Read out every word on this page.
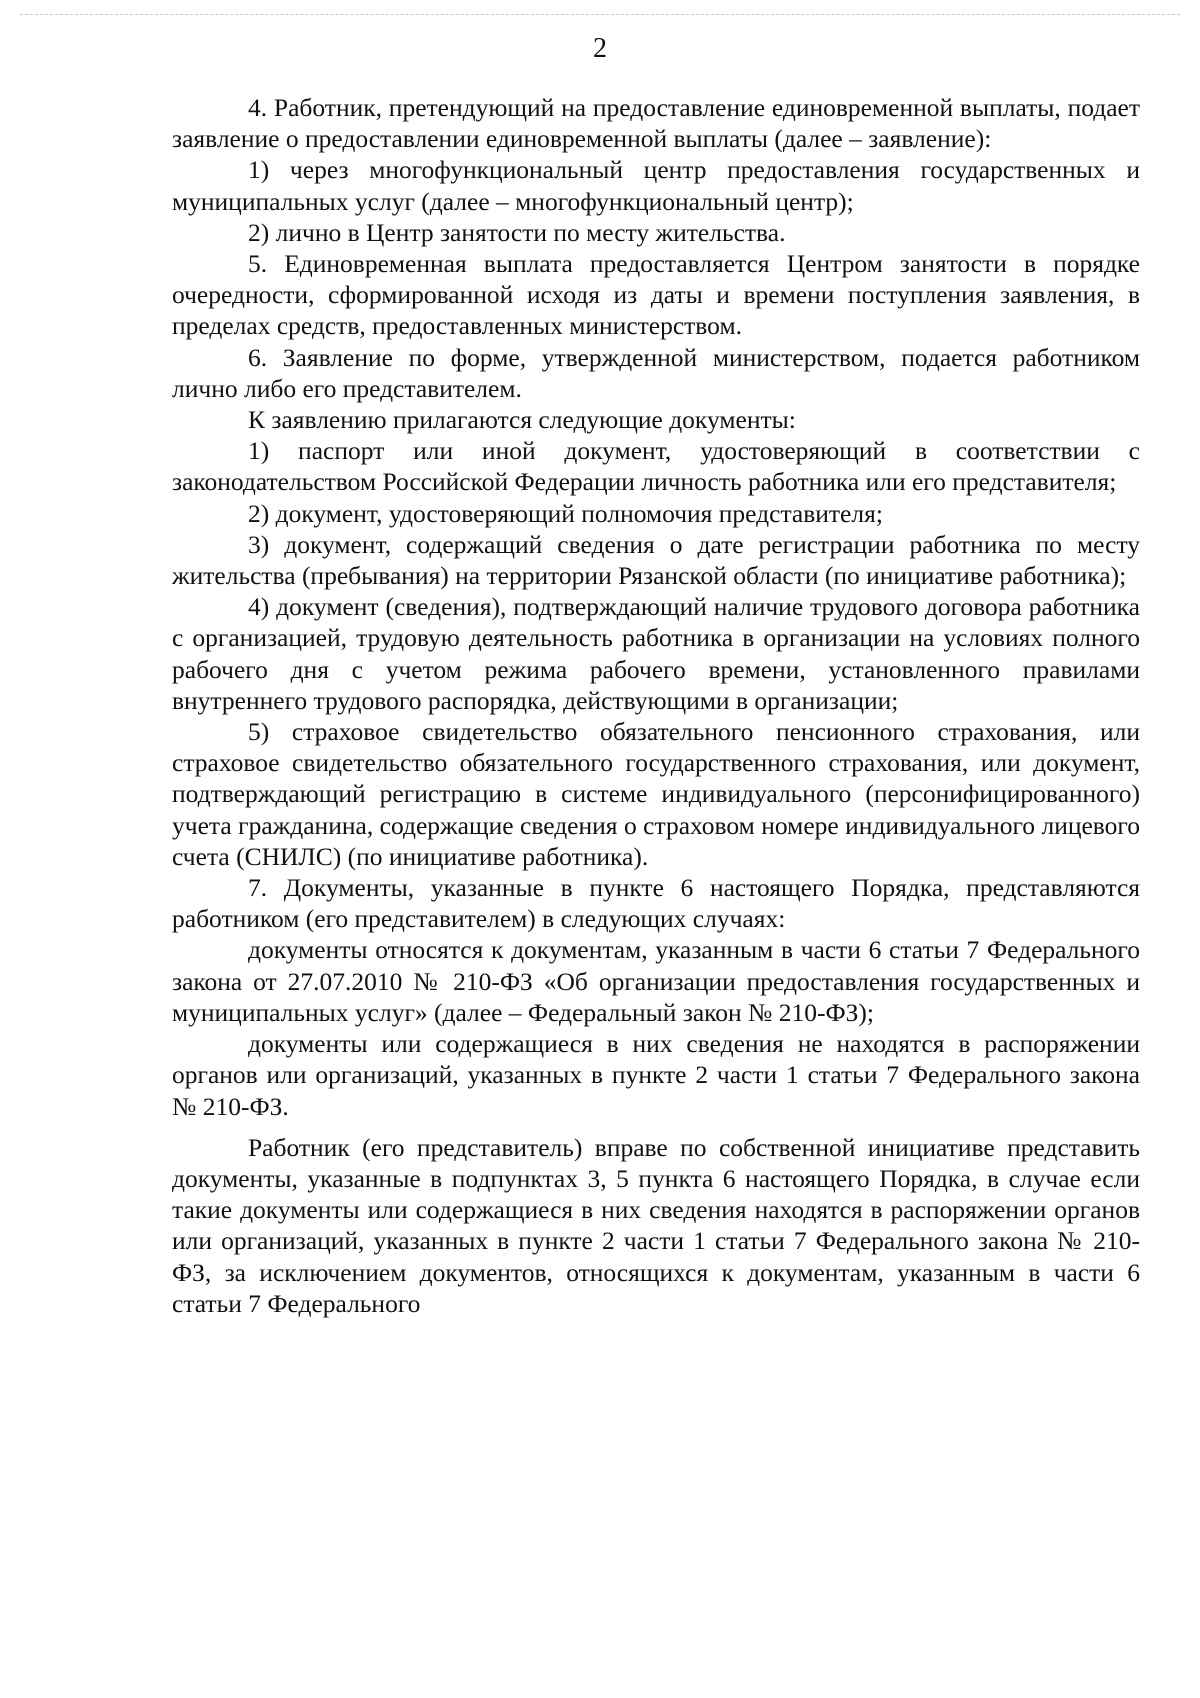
2

4. Работник, претендующий на предоставление единовременной выплаты, подает заявление о предоставлении единовременной выплаты (далее – заявление):

1) через многофункциональный центр предоставления государственных и муниципальных услуг (далее – многофункциональный центр);

2) лично в Центр занятости по месту жительства.

5. Единовременная выплата предоставляется Центром занятости в порядке очередности, сформированной исходя из даты и времени поступления заявления, в пределах средств, предоставленных министерством.

6. Заявление по форме, утвержденной министерством, подается работником лично либо его представителем.

К заявлению прилагаются следующие документы:

1) паспорт или иной документ, удостоверяющий в соответствии с законодательством Российской Федерации личность работника или его представителя;

2) документ, удостоверяющий полномочия представителя;

3) документ, содержащий сведения о дате регистрации работника по месту жительства (пребывания) на территории Рязанской области (по инициативе работника);

4) документ (сведения), подтверждающий наличие трудового договора работника с организацией, трудовую деятельность работника в организации на условиях полного рабочего дня с учетом режима рабочего времени, установленного правилами внутреннего трудового распорядка, действующими в организации;

5) страховое свидетельство обязательного пенсионного страхования, или страховое свидетельство обязательного государственного страхования, или документ, подтверждающий регистрацию в системе индивидуального (персонифицированного) учета гражданина, содержащие сведения о страховом номере индивидуального лицевого счета (СНИЛС) (по инициативе работника).

7. Документы, указанные в пункте 6 настоящего Порядка, представляются работником (его представителем) в следующих случаях:

документы относятся к документам, указанным в части 6 статьи 7 Федерального закона от 27.07.2010 № 210-ФЗ «Об организации предоставления государственных и муниципальных услуг» (далее – Федеральный закон № 210-ФЗ);

документы или содержащиеся в них сведения не находятся в распоряжении органов или организаций, указанных в пункте 2 части 1 статьи 7 Федерального закона № 210-ФЗ.

Работник (его представитель) вправе по собственной инициативе представить документы, указанные в подпунктах 3, 5 пункта 6 настоящего Порядка, в случае если такие документы или содержащиеся в них сведения находятся в распоряжении органов или организаций, указанных в пункте 2 части 1 статьи 7 Федерального закона № 210-ФЗ, за исключением документов, относящихся к документам, указанным в части 6 статьи 7 Федерального
